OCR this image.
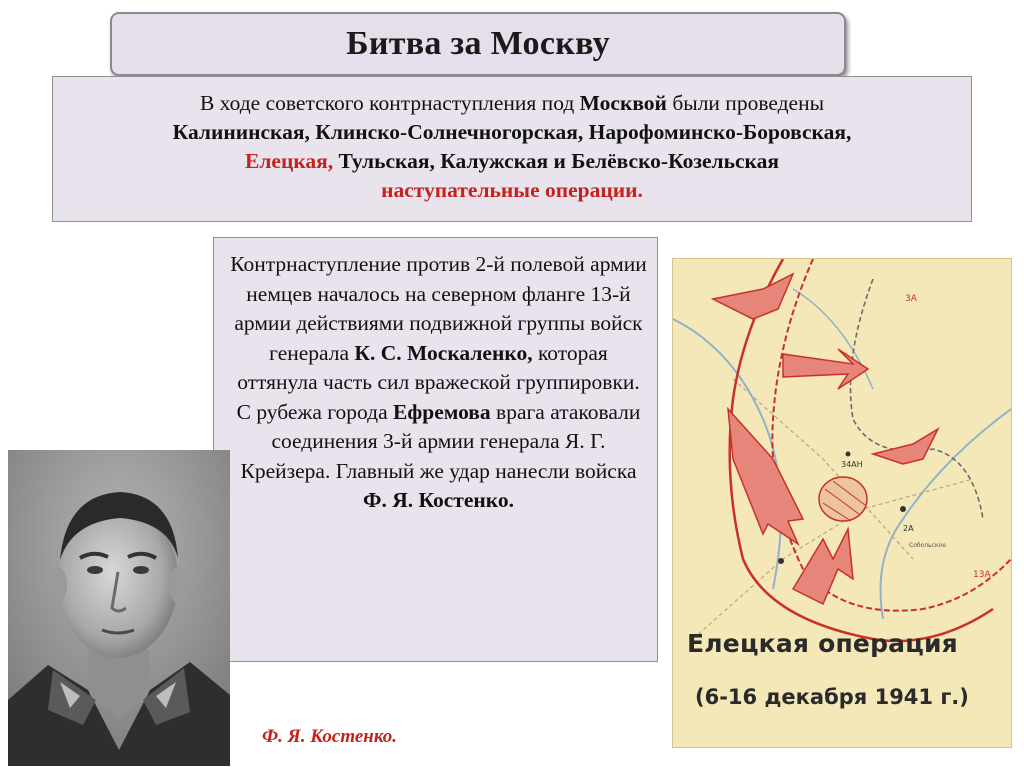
Битва за Москву
В ходе советского контрнаступления под Москвой были проведены
Калининская, Клинско-Солнечногорская, Нарофоминско-Боровская,
Елецкая, Тульская, Калужская и Белёвско-Козельская
наступательные операции.
Контрнаступление против 2-й полевой армии немцев началось на северном фланге 13-й армии действиями подвижной группы войск генерала К. С. Москаленко, которая оттянула часть сил вражеской группировки. С рубежа города Ефремова врага атаковали соединения 3-й армии генерала Я. Г. Крейзера. Главный же удар нанесли войска Ф. Я. Костенко.
Ф. Я. Костенко.
3А
34АН
2А
13А
Собольское
Елецкая операция
(6-16 декабря 1941 г.)
